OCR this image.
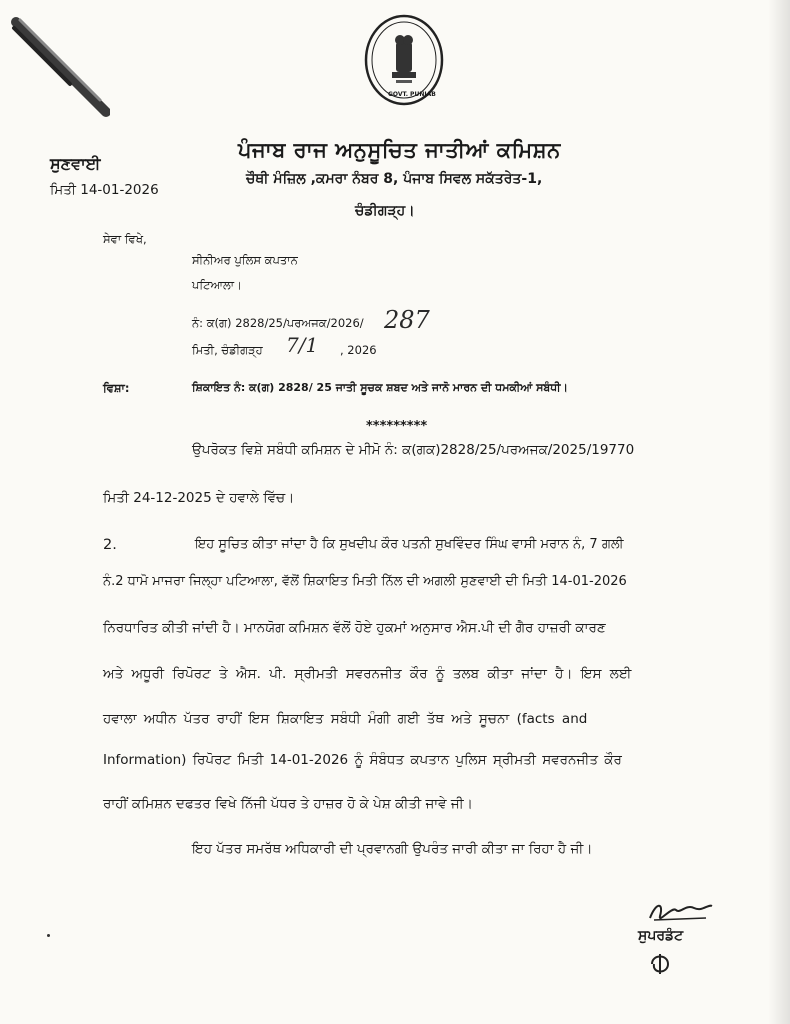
GOVT. PUNJAB
ਸੁਣਵਾਈ
ਮਿਤੀ 14-01-2026
ਪੰਜਾਬ ਰਾਜ ਅਨੁਸੂਚਿਤ ਜਾਤੀਆਂ ਕਮਿਸ਼ਨ
ਚੌਥੀ ਮੰਜ਼ਿਲ ,ਕਮਰਾ ਨੰਬਰ 8, ਪੰਜਾਬ ਸਿਵਲ ਸਕੱਤਰੇਤ-1,
ਚੰਡੀਗੜ੍ਹ।
ਸੇਵਾ ਵਿਖੇ,
ਸੀਨੀਅਰ ਪੁਲਿਸ ਕਪਤਾਨ
ਪਟਿਆਲਾ।
ਨੰ: ਕ(ਗ) 2828/25/ਪਰਅਜਕ/2026/ 287
ਮਿਤੀ, ਚੰਡੀਗੜ੍ਹ 7/1 , 2026
ਵਿਸ਼ਾ:	ਸ਼ਿਕਾਇਤ ਨੰ: ਕ(ਗ) 2828/ 25 ਜਾਤੀ ਸੂਚਕ ਸ਼ਬਦ ਅਤੇ ਜਾਨੋ ਮਾਰਨ ਦੀ ਧਮਕੀਆਂ ਸਬੰਧੀ।
*********
ਉਪਰੋਕਤ ਵਿਸ਼ੇ ਸਬੰਧੀ ਕਮਿਸ਼ਨ ਦੇ ਮੀਮੋ ਨੰ: ਕ(ਗਕ)2828/25/ਪਰਅਜਕ/2025/19770
ਮਿਤੀ 24-12-2025 ਦੇ ਹਵਾਲੇ ਵਿੱਚ।
2.	ਇਹ ਸੂਚਿਤ ਕੀਤਾ ਜਾਂਦਾ ਹੈ ਕਿ ਸੁਖਦੀਪ ਕੌਰ ਪਤਨੀ ਸੁਖਵਿੰਦਰ ਸਿੰਘ ਵਾਸੀ ਮਰਾਨ ਨੰ, 7 ਗਲੀ
ਨੰ.2 ਧਾਮੋ ਮਾਜਰਾ ਜਿਲ੍ਹਾ ਪਟਿਆਲਾ, ਵੱਲੋਂ ਸ਼ਿਕਾਇਤ ਮਿਤੀ ਨਿੱਲ ਦੀ ਅਗਲੀ ਸੁਣਵਾਈ ਦੀ ਮਿਤੀ 14-01-2026
ਨਿਰਧਾਰਿਤ ਕੀਤੀ ਜਾਂਦੀ ਹੈ। ਮਾਨਯੋਗ ਕਮਿਸ਼ਨ ਵੱਲੋਂ ਹੋਏ ਹੁਕਮਾਂ ਅਨੁਸਾਰ ਐਸ.ਪੀ ਦੀ ਗੈਰ ਹਾਜ਼ਰੀ ਕਾਰਣ
ਅਤੇ ਅਧੂਰੀ ਰਿਪੋਰਟ ਤੇ ਐਸ. ਪੀ. ਸ੍ਰੀਮਤੀ ਸਵਰਨਜੀਤ ਕੌਰ ਨੂੰ ਤਲਬ ਕੀਤਾ ਜਾਂਦਾ ਹੈ। ਇਸ ਲਈ
ਹਵਾਲਾ ਅਧੀਨ ਪੱਤਰ ਰਾਹੀਂ ਇਸ ਸ਼ਿਕਾਇਤ ਸਬੰਧੀ ਮੰਗੀ ਗਈ ਤੱਥ ਅਤੇ ਸੂਚਨਾ (facts and
Information) ਰਿਪੋਰਟ ਮਿਤੀ 14-01-2026 ਨੂੰ ਸੰਬੰਧਤ ਕਪਤਾਨ ਪੁਲਿਸ ਸ੍ਰੀਮਤੀ ਸਵਰਨਜੀਤ ਕੌਰ
ਰਾਹੀਂ ਕਮਿਸ਼ਨ ਦਫਤਰ ਵਿਖੇ ਨਿੱਜੀ ਪੱਧਰ ਤੇ ਹਾਜ਼ਰ ਹੋ ਕੇ ਪੇਸ਼ ਕੀਤੀ ਜਾਵੇ ਜੀ।
ਇਹ ਪੱਤਰ ਸਮਰੱਥ ਅਧਿਕਾਰੀ ਦੀ ਪ੍ਰਵਾਨਗੀ ਉਪਰੰਤ ਜਾਰੀ ਕੀਤਾ ਜਾ ਰਿਹਾ ਹੈ ਜੀ।
ਸੁਪਰਡੰਟ
